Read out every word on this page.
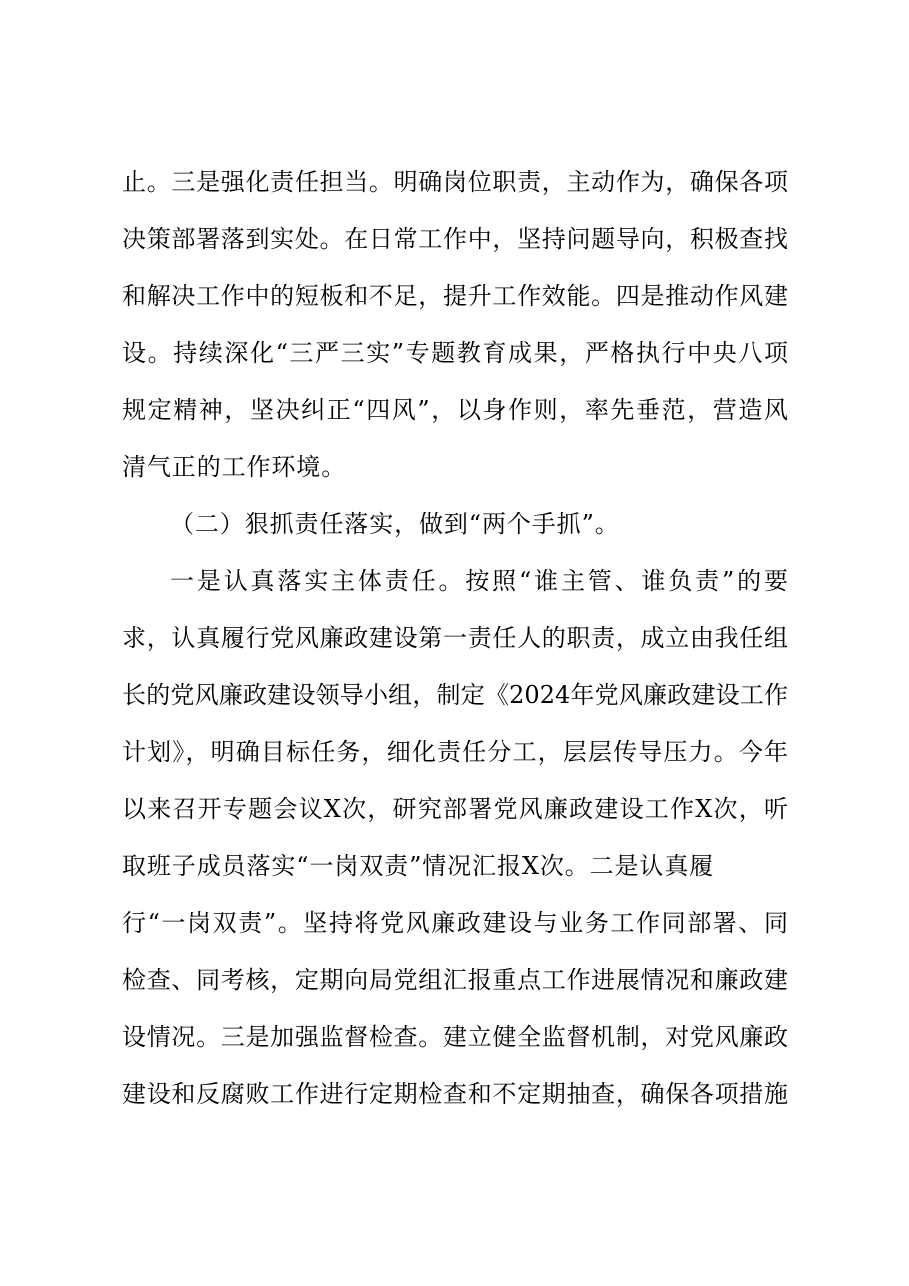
止。三是强化责任担当。明确岗位职责，主动作为，确保各项
决策部署落到实处。在日常工作中，坚持问题导向，积极查找
和解决工作中的短板和不足，提升工作效能。四是推动作风建
设。持续深化“三严三实”专题教育成果，严格执行中央八项
规定精神，坚决纠正“四风”，以身作则，率先垂范，营造风
清气正的工作环境。
（二）狠抓责任落实，做到“两个手抓”。
一是认真落实主体责任。按照“谁主管、谁负责”的要
求，认真履行党风廉政建设第一责任人的职责，成立由我任组
长的党风廉政建设领导小组，制定《2024年党风廉政建设工作
计划》，明确目标任务，细化责任分工，层层传导压力。今年
以来召开专题会议X次，研究部署党风廉政建设工作X次，听
取班子成员落实“一岗双责”情况汇报X次。二是认真履
行“一岗双责”。坚持将党风廉政建设与业务工作同部署、同
检查、同考核，定期向局党组汇报重点工作进展情况和廉政建
设情况。三是加强监督检查。建立健全监督机制，对党风廉政
建设和反腐败工作进行定期检查和不定期抽查，确保各项措施
